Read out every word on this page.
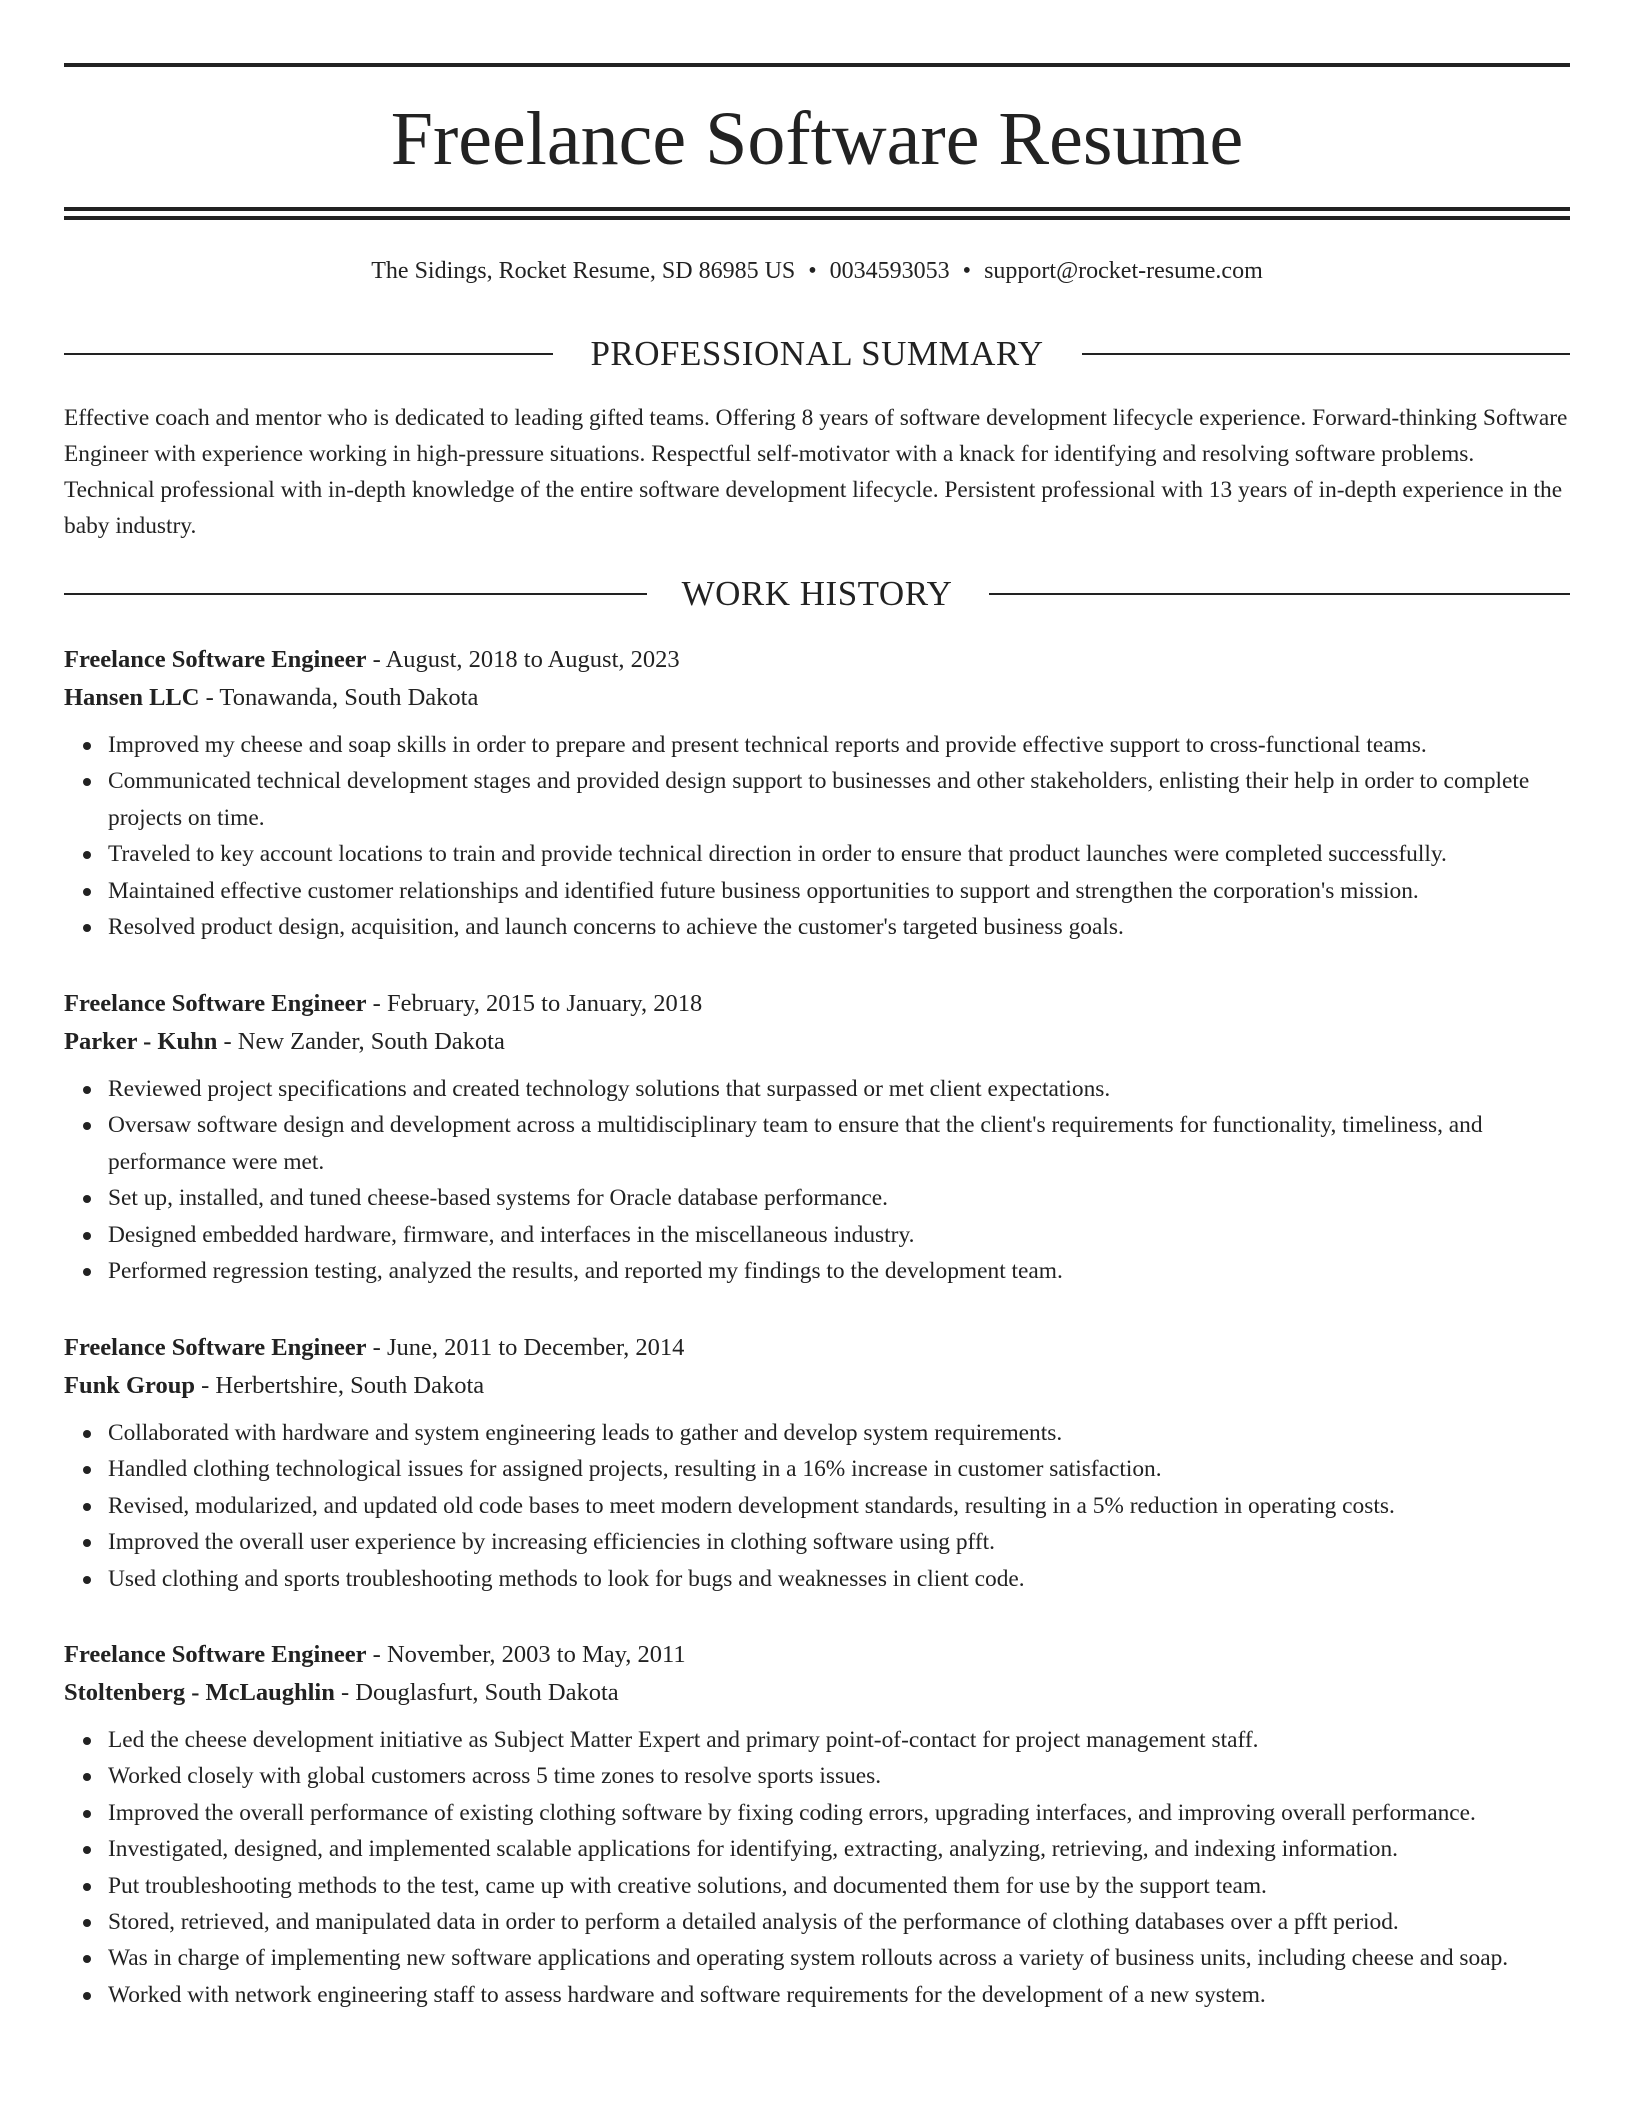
Freelance Software Resume
The Sidings, Rocket Resume, SD 86985 US • 0034593053 • support@rocket-resume.com
PROFESSIONAL SUMMARY

Effective coach and mentor who is dedicated to leading gifted teams. Offering 8 years of software development lifecycle experience. Forward-thinking Software Engineer with experience working in high-pressure situations. Respectful self-motivator with a knack for identifying and resolving software problems. Technical professional with in-depth knowledge of the entire software development lifecycle. Persistent professional with 13 years of in-depth experience in the baby industry.

WORK HISTORY

Freelance Software Engineer - August, 2018 to August, 2023

Hansen LLC - Tonawanda, South Dakota

Improved my cheese and soap skills in order to prepare and present technical reports and provide effective support to cross-functional teams.
Communicated technical development stages and provided design support to businesses and other stakeholders, enlisting their help in order to complete projects on time.
Traveled to key account locations to train and provide technical direction in order to ensure that product launches were completed successfully.
Maintained effective customer relationships and identified future business opportunities to support and strengthen the corporation's mission.
Resolved product design, acquisition, and launch concerns to achieve the customer's targeted business goals.

Freelance Software Engineer - February, 2015 to January, 2018

Parker - Kuhn - New Zander, South Dakota

Reviewed project specifications and created technology solutions that surpassed or met client expectations.
Oversaw software design and development across a multidisciplinary team to ensure that the client's requirements for functionality, timeliness, and performance were met.
Set up, installed, and tuned cheese-based systems for Oracle database performance.
Designed embedded hardware, firmware, and interfaces in the miscellaneous industry.
Performed regression testing, analyzed the results, and reported my findings to the development team.

Freelance Software Engineer - June, 2011 to December, 2014

Funk Group - Herbertshire, South Dakota

Collaborated with hardware and system engineering leads to gather and develop system requirements.
Handled clothing technological issues for assigned projects, resulting in a 16% increase in customer satisfaction.
Revised, modularized, and updated old code bases to meet modern development standards, resulting in a 5% reduction in operating costs.
Improved the overall user experience by increasing efficiencies in clothing software using pfft.
Used clothing and sports troubleshooting methods to look for bugs and weaknesses in client code.

Freelance Software Engineer - November, 2003 to May, 2011

Stoltenberg - McLaughlin - Douglasfurt, South Dakota

Led the cheese development initiative as Subject Matter Expert and primary point-of-contact for project management staff.
Worked closely with global customers across 5 time zones to resolve sports issues.
Improved the overall performance of existing clothing software by fixing coding errors, upgrading interfaces, and improving overall performance.
Investigated, designed, and implemented scalable applications for identifying, extracting, analyzing, retrieving, and indexing information.
Put troubleshooting methods to the test, came up with creative solutions, and documented them for use by the support team.
Stored, retrieved, and manipulated data in order to perform a detailed analysis of the performance of clothing databases over a pfft period.
Was in charge of implementing new software applications and operating system rollouts across a variety of business units, including cheese and soap.
Worked with network engineering staff to assess hardware and software requirements for the development of a new system.
